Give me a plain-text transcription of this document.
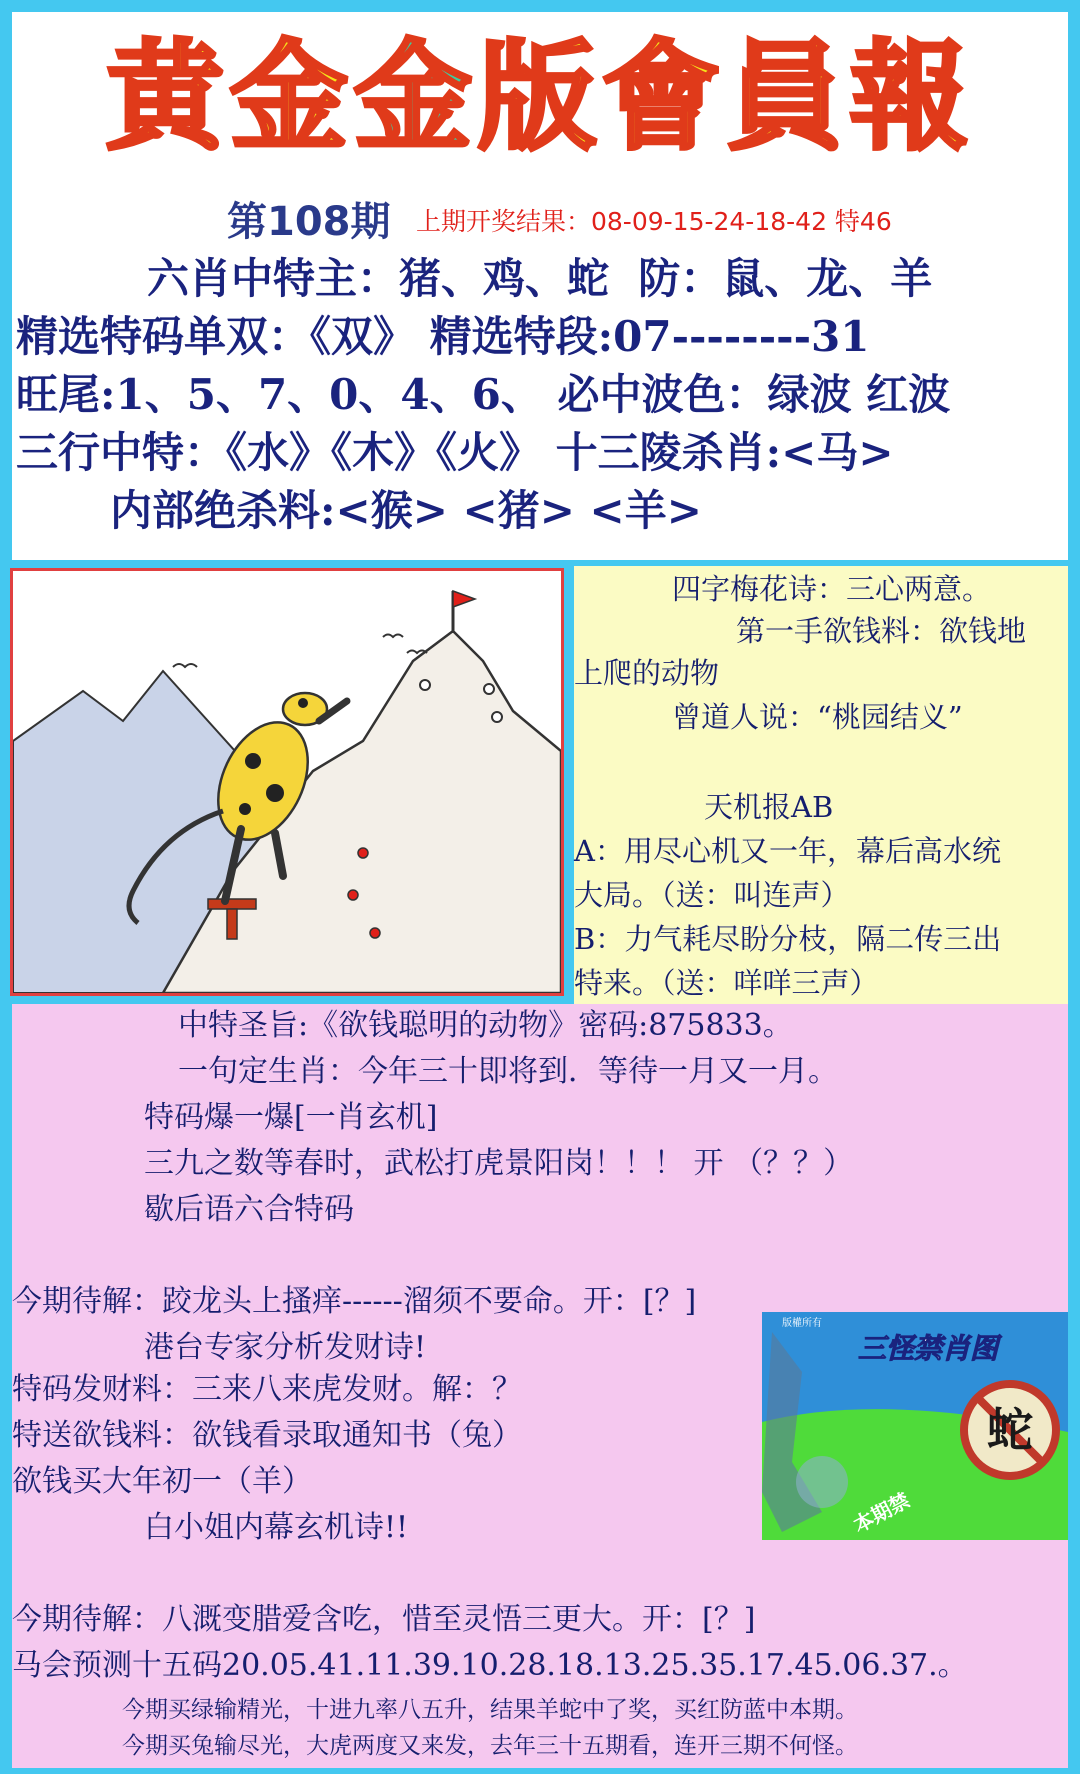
黄金金版會員報
第108期 上期开奖结果：08-09-15-24-18-42 特46
六肖中特主：猪、鸡、蛇  防：鼠、龙、羊
精选特码单双：《双》 精选特段:07--------31
旺尾:1、5、7、0、4、6、 必中波色：绿波 红波
三行中特：《水》《木》《火》 十三陵杀肖:<马>
内部绝杀料:<猴> <猪> <羊>
四字梅花诗：三心两意。
第一手欲钱料：欲钱地
上爬的动物
曾道人说：“桃园结义”
天机报AB
A：用尽心机又一年，幕后高水统
大局。（送：叫连声）
B：力气耗尽盼分枝，隔二传三出
特来。（送：咩咩三声）
中特圣旨:《欲钱聪明的动物》密码:875833。
一句定生肖：今年三十即将到．等待一月又一月。
特码爆一爆[一肖玄机]
三九之数等春时，武松打虎景阳岗！！！ 开 （？？）
歇后语六合特码
今期待解：跤龙头上搔痒------溜须不要命。开：[？]
港台专家分析发财诗!
特码发财料：三来八来虎发财。解：？
特送欲钱料：欲钱看录取通知书（兔）
欲钱买大年初一（羊）
白小姐内幕玄机诗!!
今期待解：八溉变腊爱含吃，惜至灵悟三更大。开：[？]
马会预测十五码20.05.41.11.39.10.28.18.13.25.35.17.45.06.37.。
今期买绿输精光，十进九率八五升，结果羊蛇中了奖，买红防蓝中本期。
今期买兔输尽光，大虎两度又来发，去年三十五期看，连开三期不何怪。
蛇
版權所有
三怪禁肖图
本期禁
